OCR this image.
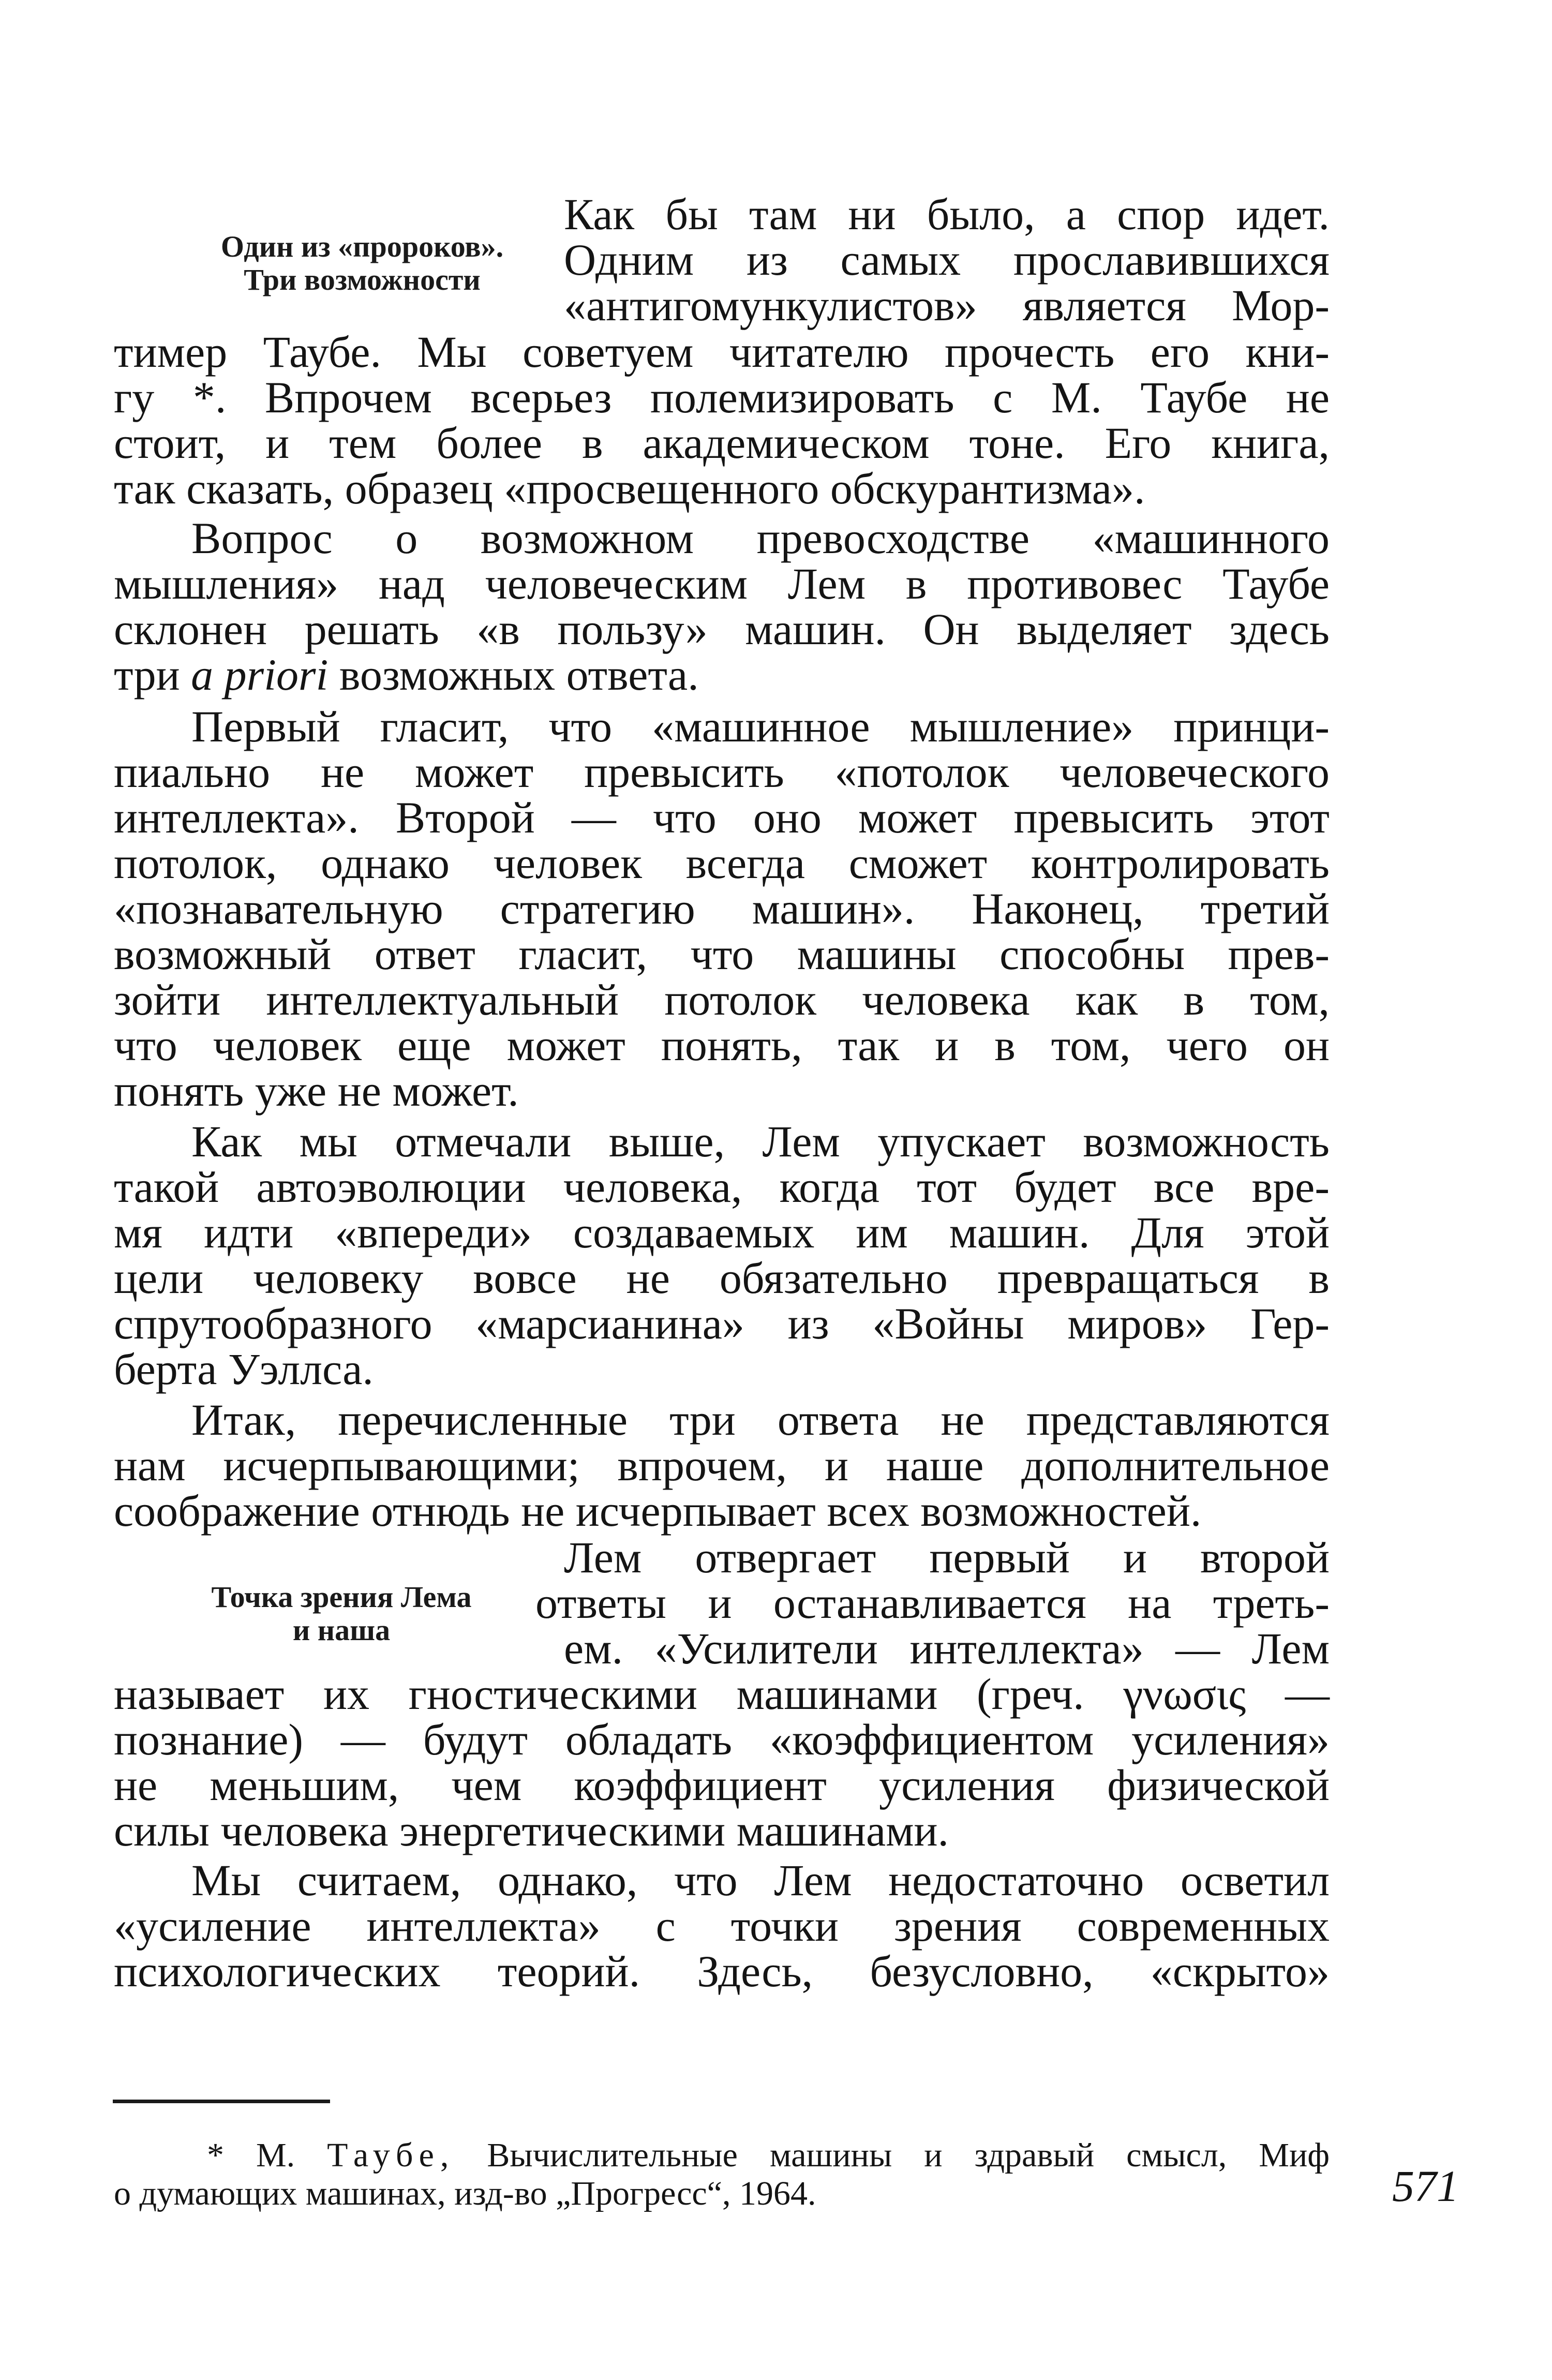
Один из «пророков».
Три возможности
Точка зрения Лема
и наша
Как бы там ни было, а спор идет.
Одним из самых прославившихся
«антигомункулистов» является Мор-
тимер Таубе. Мы советуем читателю прочесть его кни-
гу *. Впрочем всерьез полемизировать с М. Таубе не
стоит, и тем более в академическом тоне. Его книга,
так сказать, образец «просвещенного обскурантизма».
Вопрос о возможном превосходстве «машинного
мышления» над человеческим Лем в противовес Таубе
склонен решать «в пользу» машин. Он выделяет здесь
три a priori возможных ответа.
Первый гласит, что «машинное мышление» принци-
пиально не может превысить «потолок человеческого
интеллекта». Второй — что оно может превысить этот
потолок, однако человек всегда сможет контролировать
«познавательную стратегию машин». Наконец, третий
возможный ответ гласит, что машины способны прев-
зойти интеллектуальный потолок человека как в том,
что человек еще может понять, так и в том, чего он
понять уже не может.
Как мы отмечали выше, Лем упускает возможность
такой автоэволюции человека, когда тот будет все вре-
мя идти «впереди» создаваемых им машин. Для этой
цели человеку вовсе не обязательно превращаться в
спрутообразного «марсианина» из «Войны миров» Гер-
берта Уэллса.
Итак, перечисленные три ответа не представляются
нам исчерпывающими; впрочем, и наше дополнительное
соображение отнюдь не исчерпывает всех возможностей.
Лем отвергает первый и второй
ответы и останавливается на треть-
ем. «Усилители интеллекта» — Лем
называет их гностическими машинами (греч. γνωσις —
познание) — будут обладать «коэффициентом усиления»
не меньшим, чем коэффициент усиления физической
силы человека энергетическими машинами.
Мы считаем, однако, что Лем недостаточно осветил
«усиление интеллекта» с точки зрения современных
психологических теорий. Здесь, безусловно, «скрыто»
* М. Таубе, Вычислительные машины и здравый смысл, Миф
о думающих машинах, изд-во „Прогресс“, 1964.	571
